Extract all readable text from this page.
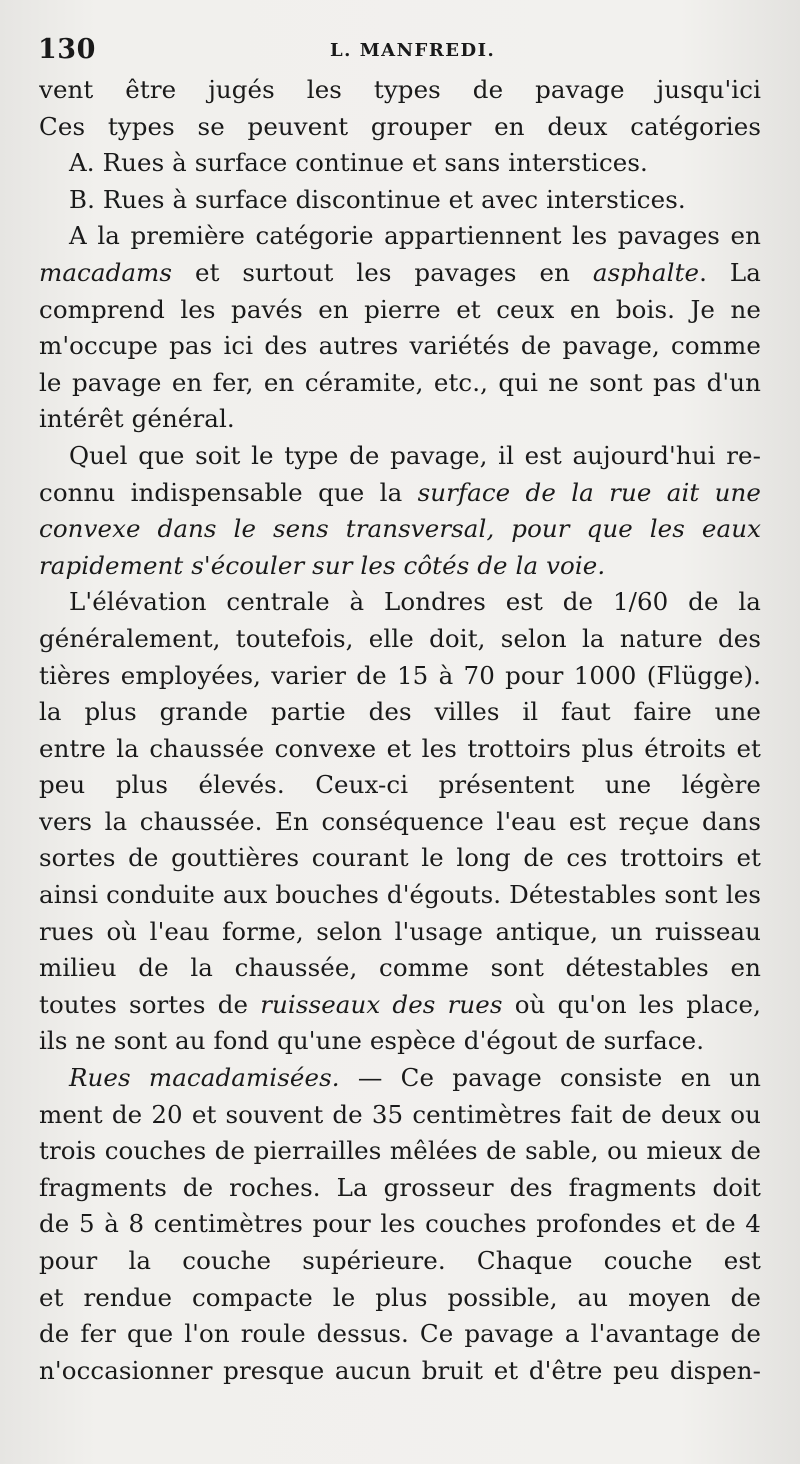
130	L. MANFREDI.
vent être jugés les types de pavage jusqu'ici
Ces types se peuvent grouper en deux catégories
A. Rues à surface continue et sans interstices.
B. Rues à surface discontinue et avec interstices.
A la première catégorie appartiennent les pavages en
macadams et surtout les pavages en asphalte. La
comprend les pavés en pierre et ceux en bois. Je ne
m'occupe pas ici des autres variétés de pavage, comme
le pavage en fer, en céramite, etc., qui ne sont pas d'un
intérêt général.
Quel que soit le type de pavage, il est aujourd'hui re-
connu indispensable que la surface de la rue ait une
convexe dans le sens transversal, pour que les eaux
rapidement s'écouler sur les côtés de la voie.
L'élévation centrale à Londres est de 1/60 de la
généralement, toutefois, elle doit, selon la nature des
tières employées, varier de 15 à 70 pour 1000 (Flügge).
la plus grande partie des villes il faut faire une
entre la chaussée convexe et les trottoirs plus étroits et
peu plus élevés. Ceux-ci présentent une légère
vers la chaussée. En conséquence l'eau est reçue dans
sortes de gouttières courant le long de ces trottoirs et
ainsi conduite aux bouches d'égouts. Détestables sont les
rues où l'eau forme, selon l'usage antique, un ruisseau
milieu de la chaussée, comme sont détestables en
toutes sortes de ruisseaux des rues où qu'on les place,
ils ne sont au fond qu'une espèce d'égout de surface.
Rues macadamisées. — Ce pavage consiste en un
ment de 20 et souvent de 35 centimètres fait de deux ou
trois couches de pierrailles mêlées de sable, ou mieux de
fragments de roches. La grosseur des fragments doit
de 5 à 8 centimètres pour les couches profondes et de 4
pour la couche supérieure. Chaque couche est
et rendue compacte le plus possible, au moyen de
de fer que l'on roule dessus. Ce pavage a l'avantage de
n'occasionner presque aucun bruit et d'être peu dispen-
